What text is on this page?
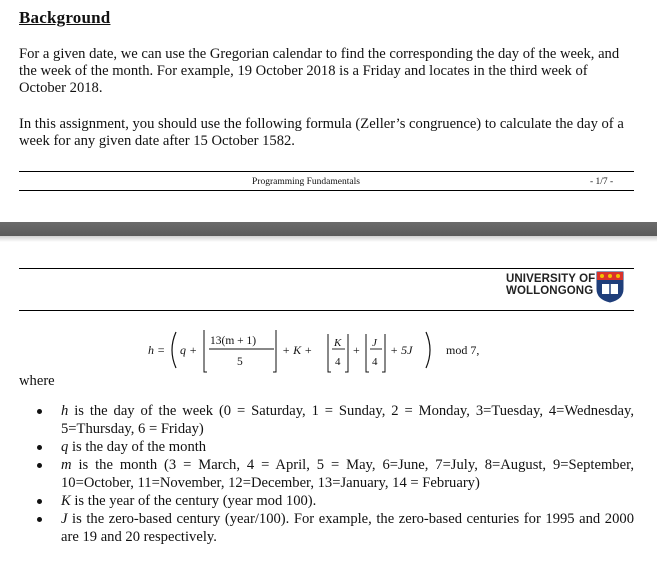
Background
For a given date, we can use the Gregorian calendar to find the corresponding the day of the week, and the week of the month. For example, 19 October 2018 is a Friday and locates in the third week of October 2018.
In this assignment, you should use the following formula (Zeller’s congruence) to calculate the day of a week for any given date after 15 October 1582.
Programming Fundamentals	- 1/7 -
UNIVERSITY OF
WOLLONGONG
h = q +
13(m + 1)
5
+ K + K
4
+ J
4
+ 5J	mod 7,
where
h is the day of the week (0 = Saturday, 1 = Sunday, 2 = Monday, 3=Tuesday, 4=Wednesday, 5=Thursday, 6 = Friday)
q is the day of the month
m is the month (3 = March, 4 = April, 5 = May, 6=June, 7=July, 8=August, 9=September, 10=October, 11=November, 12=December, 13=January, 14 = February)
K is the year of the century (year mod 100).
J is the zero-based century (year/100). For example, the zero-based centuries for 1995 and 2000 are 19 and 20 respectively.
